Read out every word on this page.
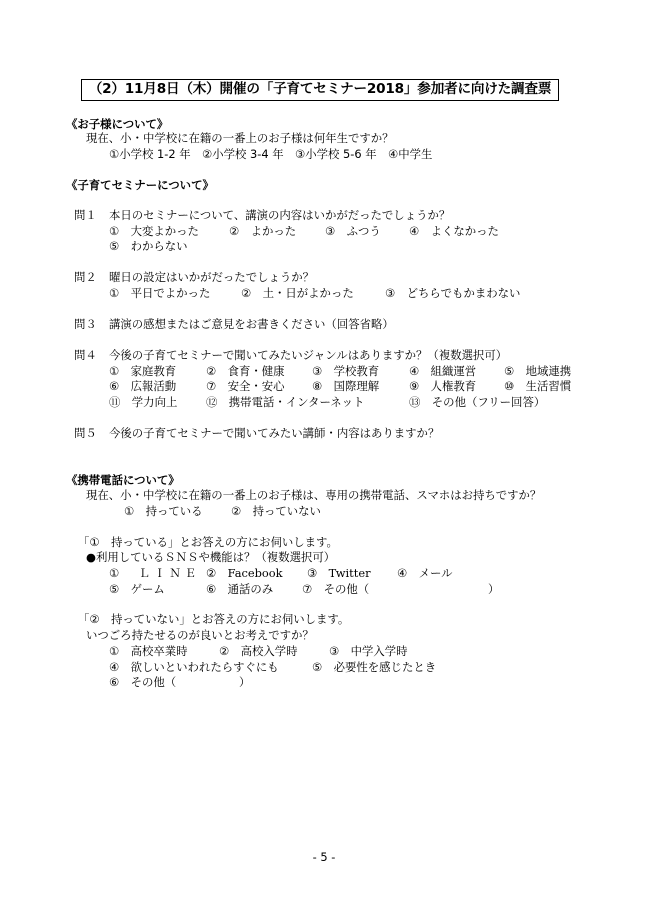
（2）11月8日（木）開催の「子育てセミナー2018」参加者に向けた調査票
《お子様について》
現在、小・中学校に在籍の一番上のお子様は何年生ですか？
①小学校 1-2 年　②小学校 3-4 年　③小学校 5-6 年　④中学生
《子育てセミナーについて》
問１ 本日のセミナーについて、講演の内容はいかがだったでしょうか？
①　大変よかった	②　よかった	③　ふつう ④　よくなかった
⑤　わからない
問２ 曜日の設定はいかがだったでしょうか？
①　平日でよかった	②　土・日がよかった	③　どちらでもかまわない
問３ 講演の感想またはご意見をお書きください（回答省略）
問４ 今後の子育てセミナーで聞いてみたいジャンルはありますか？（複数選択可）
①　家庭教育	②　食育・健康 ③　学校教育	④　組織運営 ⑤　地域連携
⑥　広報活動	⑦　安全・安心 ⑧　国際理解	⑨　人権教育 ⑩　生活習慣
⑪　学力向上	⑫　携帯電話・インターネット	⑬　その他（フリー回答）
問５ 今後の子育てセミナーで聞いてみたい講師・内容はありますか？
《携帯電話について》
現在、小・中学校に在籍の一番上のお子様は、専用の携帯電話、スマホはお持ちですか？
①　持っている ②　持っていない
「①　持っている」とお答えの方にお伺いします。
●利用しているＳＮＳや機能は？（複数選択可）
①　ＬＩＮＥ ②　Facebook ③　Twitter ④　メール
⑤　ゲーム	⑥　通話のみ	⑦　その他（	）
「②　持っていない」とお答えの方にお伺いします。
いつごろ持たせるのが良いとお考えですか？
①　高校卒業時	②　高校入学時	③　中学入学時
④　欲しいといわれたらすぐにも	⑤　必要性を感じたとき
⑥　その他（	）
- 5 -
